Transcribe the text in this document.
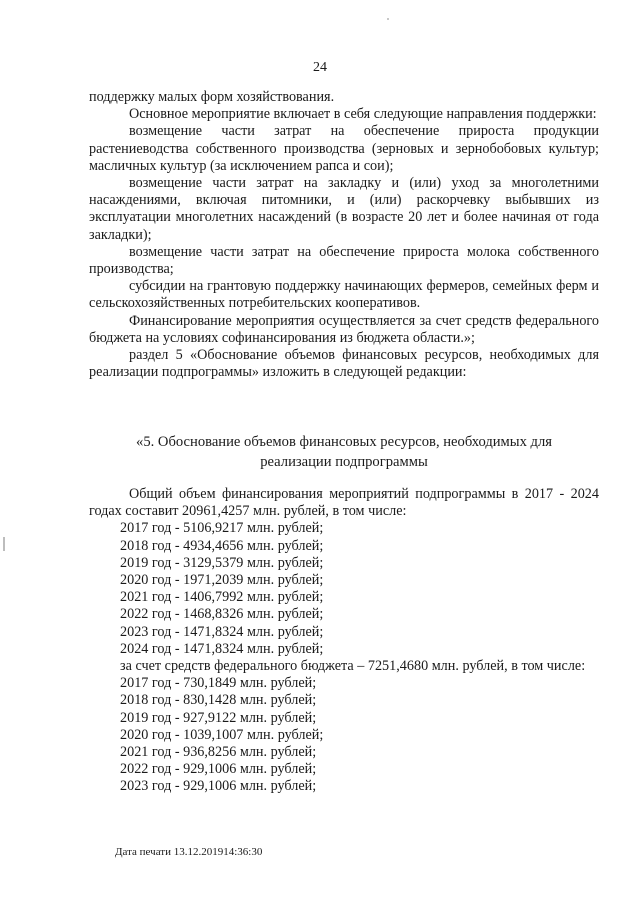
24

поддержку малых форм хозяйствования.

Основное мероприятие включает в себя следующие направления поддержки:

возмещение части затрат на обеспечение прироста продукции растениеводства собственного производства (зерновых и зернобобовых культур; масличных культур (за исключением рапса и сои);

возмещение части затрат на закладку и (или) уход за многолетними насаждениями, включая питомники, и (или) раскорчевку выбывших из эксплуатации многолетних насаждений (в возрасте 20 лет и более начиная от года закладки);

возмещение части затрат на обеспечение прироста молока собственного производства;

субсидии на грантовую поддержку начинающих фермеров, семейных ферм и сельскохозяйственных потребительских кооперативов.

Финансирование мероприятия осуществляется за счет средств федерального бюджета на условиях софинансирования из бюджета области.»;

раздел 5 «Обоснование объемов финансовых ресурсов, необходимых для реализации подпрограммы» изложить в следующей редакции:

«5. Обоснование объемов финансовых ресурсов, необходимых для
реализации подпрограммы

Общий объем финансирования мероприятий подпрограммы в 2017 - 2024 годах составит 20961,4257 млн. рублей, в том числе:

2017 год - 5106,9217 млн. рублей;
2018 год - 4934,4656 млн. рублей;
2019 год - 3129,5379 млн. рублей;
2020 год - 1971,2039 млн. рублей;
2021 год - 1406,7992 млн. рублей;
2022 год - 1468,8326 млн. рублей;
2023 год - 1471,8324 млн. рублей;
2024 год - 1471,8324 млн. рублей;

за счет средств федерального бюджета – 7251,4680 млн. рублей, в том числе:

2017 год - 730,1849 млн. рублей;
2018 год - 830,1428 млн. рублей;
2019 год - 927,9122 млн. рублей;
2020 год - 1039,1007 млн. рублей;
2021 год - 936,8256 млн. рублей;
2022 год - 929,1006 млн. рублей;
2023 год - 929,1006 млн. рублей;
Дата печати 13.12.201914:36:30
